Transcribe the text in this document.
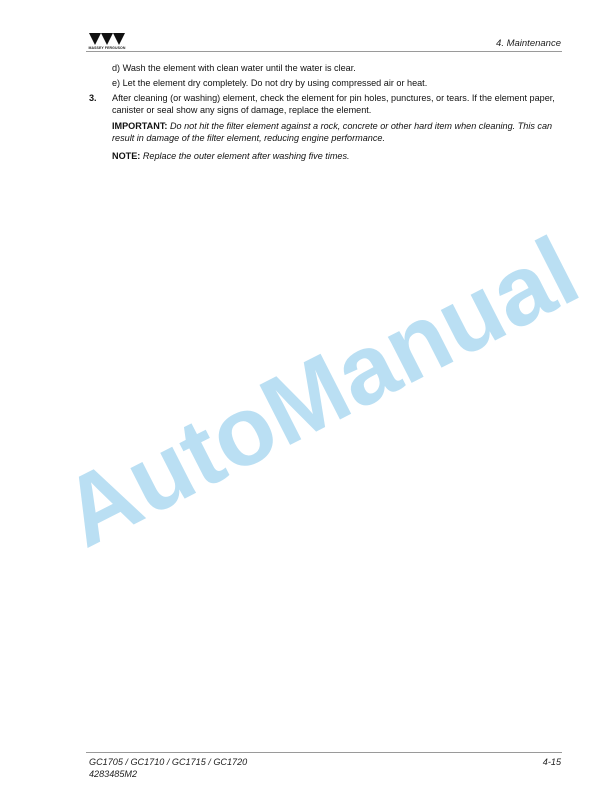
MASSEY FERGUSON	4. Maintenance

d) Wash the element with clean water until the water is clear.

e) Let the element dry completely. Do not dry by using compressed air or heat.

3.	After cleaning (or washing) element, check the element for pin holes, punctures, or tears. If the element paper, canister or seal show any signs of damage, replace the element.

IMPORTANT: Do not hit the filter element against a rock, concrete or other hard item when cleaning. This can result in damage of the filter element, reducing engine performance.

NOTE: Replace the outer element after washing five times.

AutoManual
GC1705 / GC1710 / GC1715 / GC1720
4283485M2
4-15
